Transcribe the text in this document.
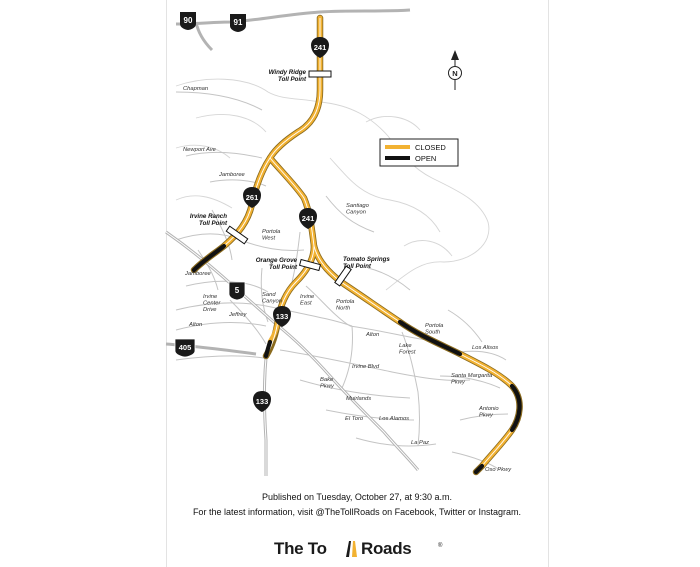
90	91
241
261
241
5
133
405
133
Windy Ridge Toll Point
Irvine Ranch Toll Point
Orange Grove Toll Point
Tomato Springs Toll Point
Chapman
Newport Ave
Jamboree
Santiago Canyon
Portola West
Jamboree
Sand Canyon
Irvine East	Portola North
Irvine Center Drive
Jeffrey
Alton
Alton
Portola South
Lake Forest
Los Alisos
Irvine Blvd
Santa Margarita Pkwy
Bake Pkwy
Muirlands
Antonio Pkwy
El Toro	Los Alamos
La Paz
Oso Pkwy
CLOSED
OPEN
N
Published on Tuesday, October 27, at 9:30 a.m.
For the latest information, visit @TheTollRoads on Facebook, Twitter or Instagram.
The To Roads	®
